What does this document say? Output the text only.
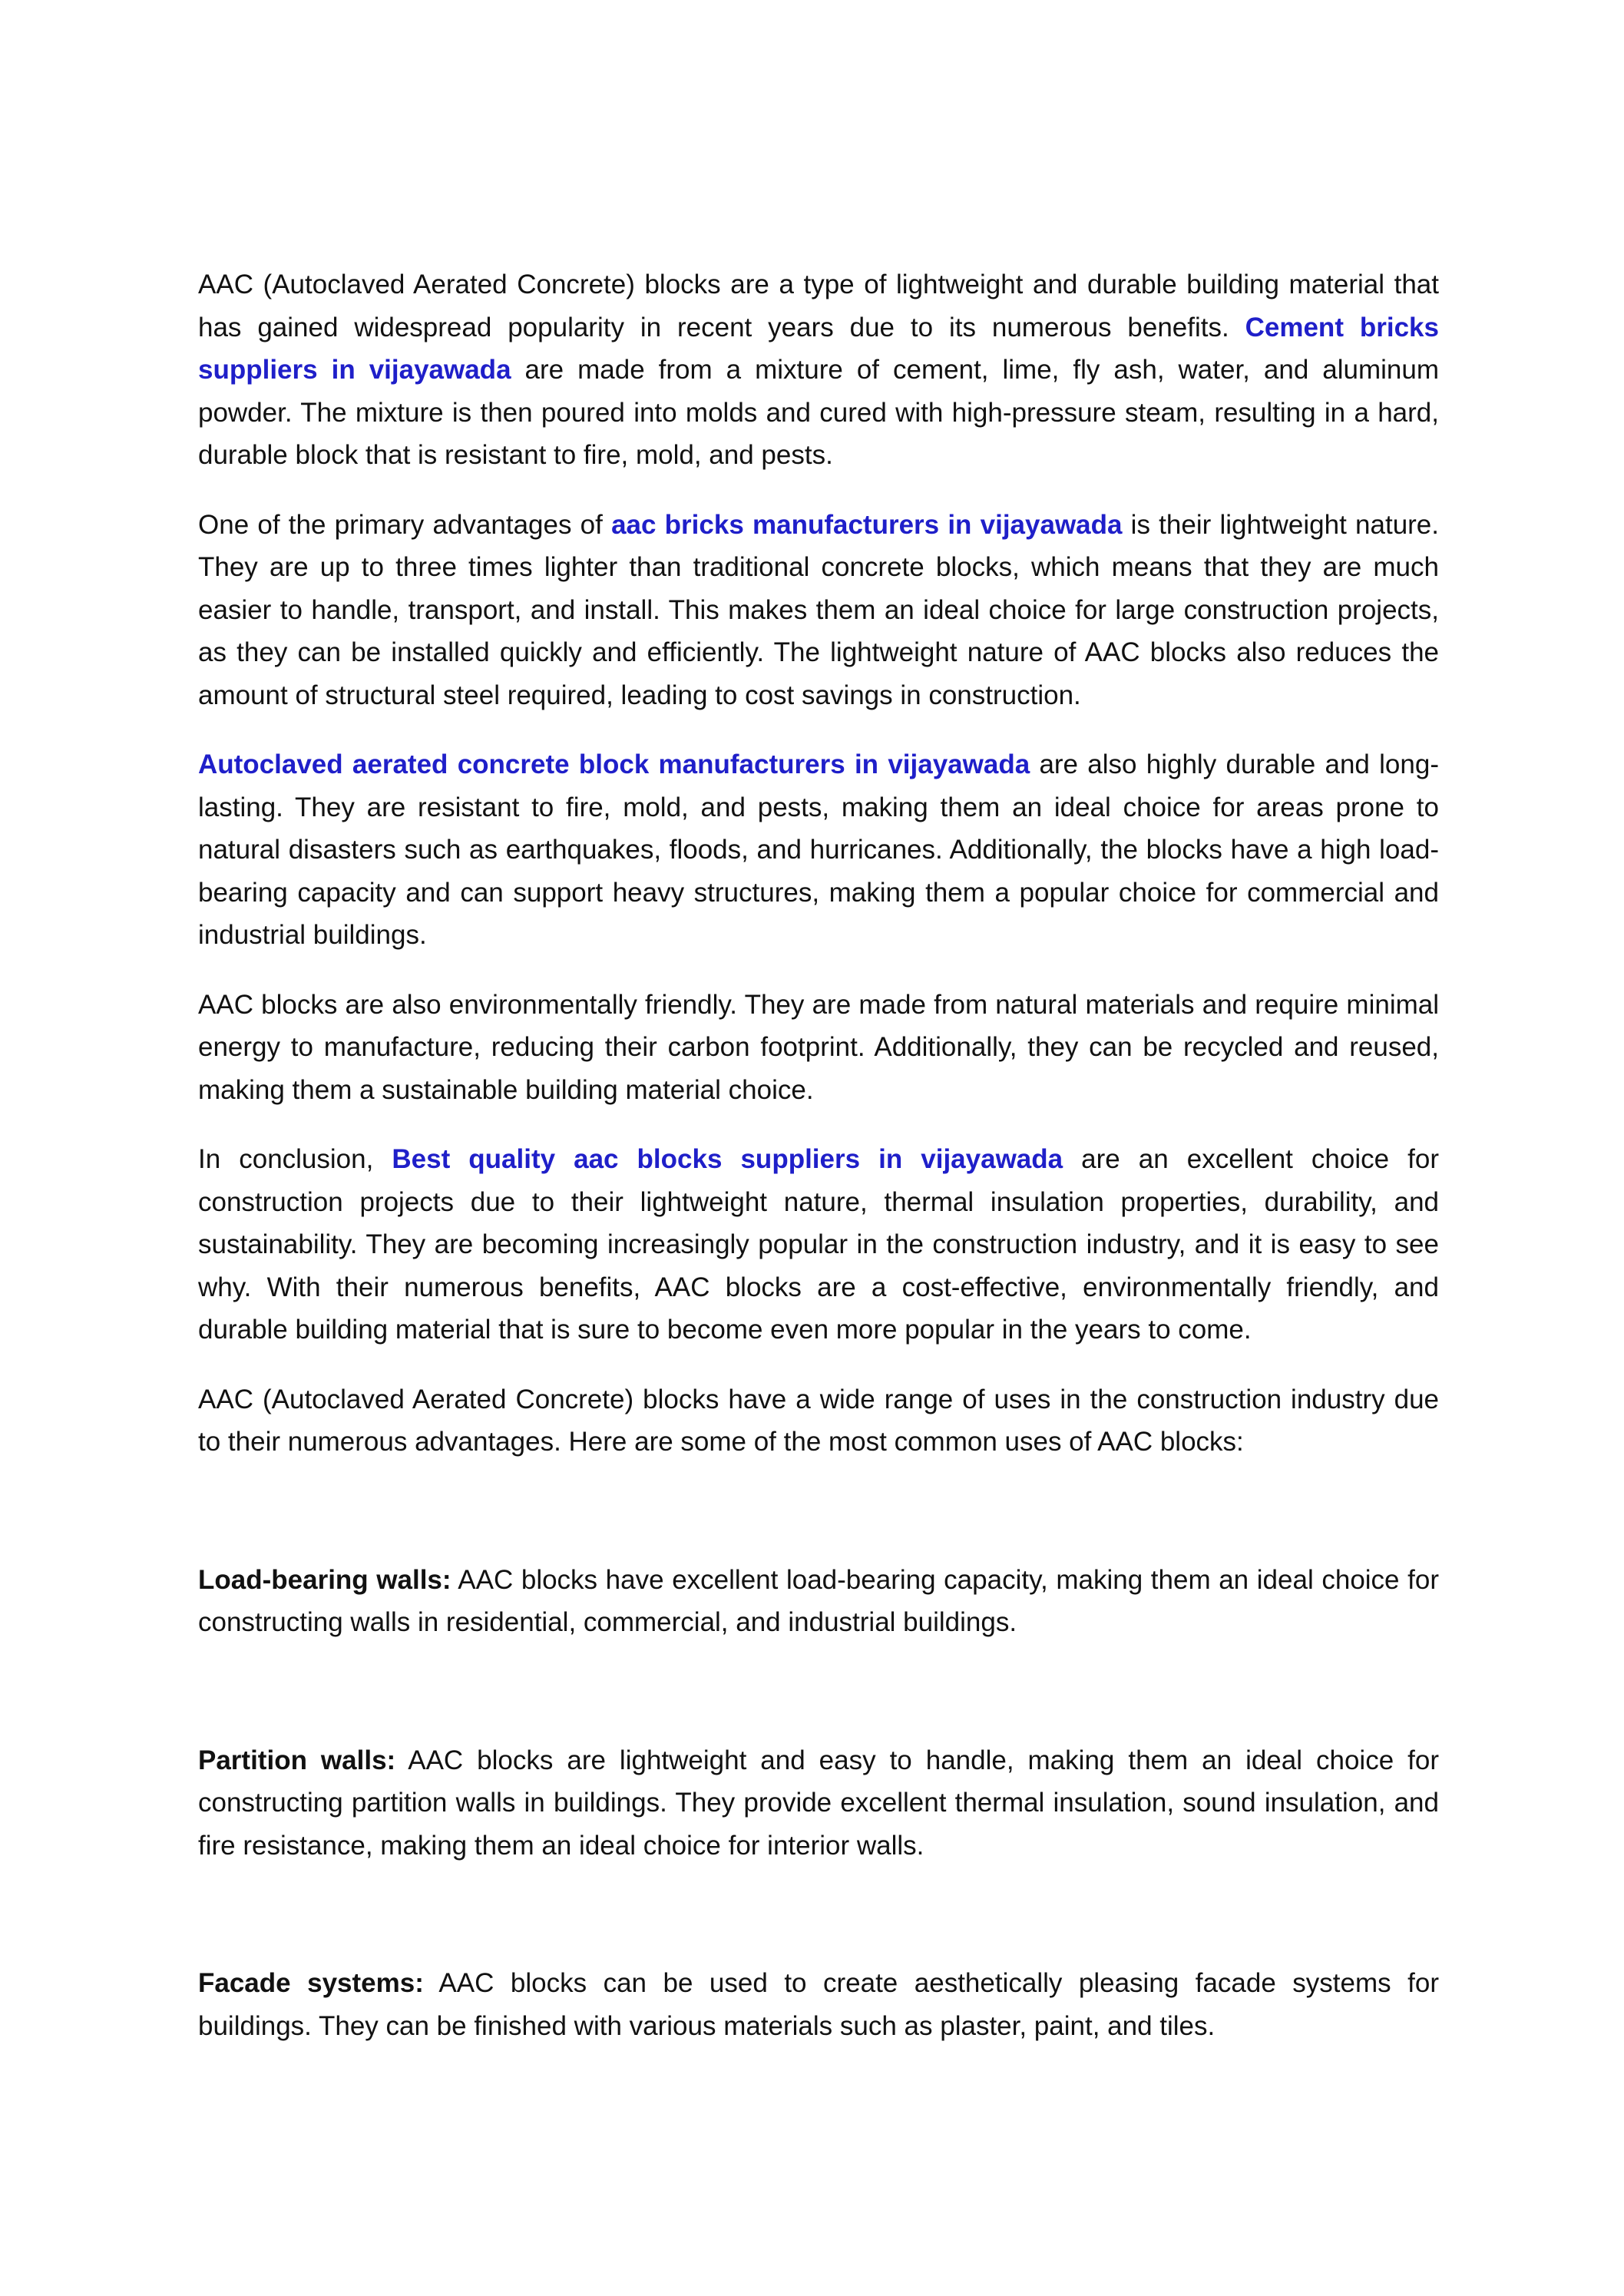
AAC (Autoclaved Aerated Concrete) blocks are a type of lightweight and durable building material that has gained widespread popularity in recent years due to its numerous benefits. Cement bricks suppliers in vijayawada are made from a mixture of cement, lime, fly ash, water, and aluminum powder. The mixture is then poured into molds and cured with high-pressure steam, resulting in a hard, durable block that is resistant to fire, mold, and pests.

One of the primary advantages of aac bricks manufacturers in vijayawada is their lightweight nature. They are up to three times lighter than traditional concrete blocks, which means that they are much easier to handle, transport, and install. This makes them an ideal choice for large construction projects, as they can be installed quickly and efficiently. The lightweight nature of AAC blocks also reduces the amount of structural steel required, leading to cost savings in construction.

Autoclaved aerated concrete block manufacturers in vijayawada are also highly durable and long-lasting. They are resistant to fire, mold, and pests, making them an ideal choice for areas prone to natural disasters such as earthquakes, floods, and hurricanes. Additionally, the blocks have a high load-bearing capacity and can support heavy structures, making them a popular choice for commercial and industrial buildings.

AAC blocks are also environmentally friendly. They are made from natural materials and require minimal energy to manufacture, reducing their carbon footprint. Additionally, they can be recycled and reused, making them a sustainable building material choice.

In conclusion, Best quality aac blocks suppliers in vijayawada are an excellent choice for construction projects due to their lightweight nature, thermal insulation properties, durability, and sustainability. They are becoming increasingly popular in the construction industry, and it is easy to see why. With their numerous benefits, AAC blocks are a cost-effective, environmentally friendly, and durable building material that is sure to become even more popular in the years to come.

AAC (Autoclaved Aerated Concrete) blocks have a wide range of uses in the construction industry due to their numerous advantages. Here are some of the most common uses of AAC blocks:

Load-bearing walls: AAC blocks have excellent load-bearing capacity, making them an ideal choice for constructing walls in residential, commercial, and industrial buildings.

Partition walls: AAC blocks are lightweight and easy to handle, making them an ideal choice for constructing partition walls in buildings. They provide excellent thermal insulation, sound insulation, and fire resistance, making them an ideal choice for interior walls.

Facade systems: AAC blocks can be used to create aesthetically pleasing facade systems for buildings. They can be finished with various materials such as plaster, paint, and tiles.
